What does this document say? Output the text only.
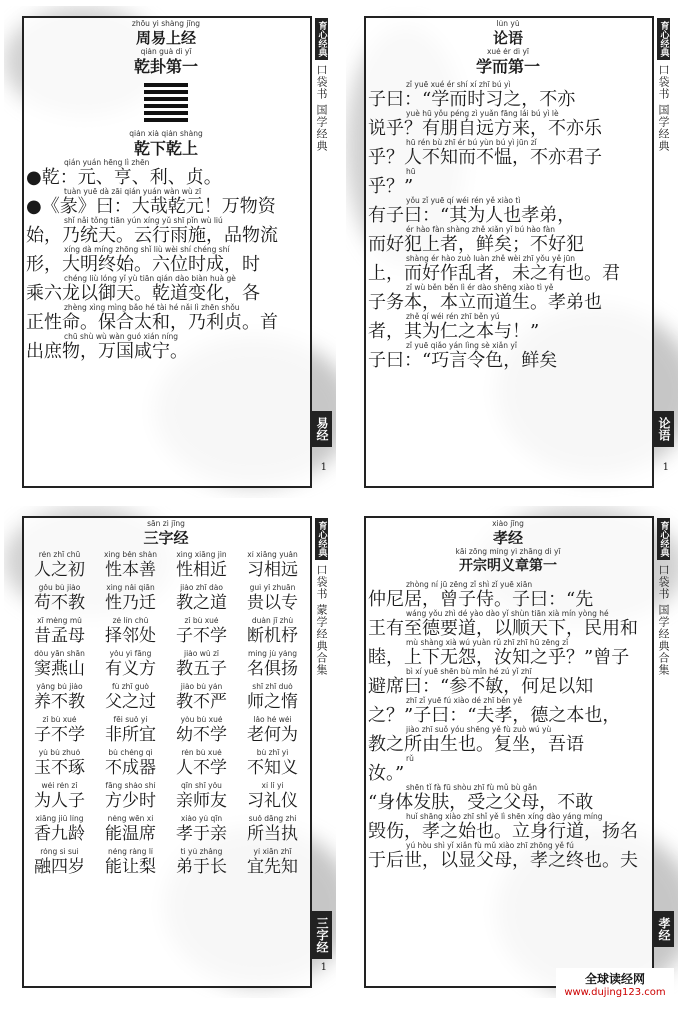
育心经典
口袋书
国学经典
易经
1
zhōu yì shàng jīng
周易上经
qián guà dì yī
乾卦第一
qián xià qián shàng
乾下乾上
qián yuán hēng lì zhēn
●乾：元、亨、利、贞。
tuàn yuē dà zāi qián yuán wàn wù zī
●《彖》曰：大哉乾元！万物资
shǐ nǎi tǒng tiān yún xíng yǔ shī pǐn wù liú
始，乃统天。云行雨施，品物流
xíng dà míng zhōng shǐ liù wèi shí chéng shí
形，大明终始。六位时成，时
chéng liù lóng yǐ yù tiān qián dào biàn huà gè
乘六龙以御天。乾道变化，各
zhèng xìng mìng bǎo hé tài hé nǎi lì zhēn shǒu
正性命。保合太和，乃利贞。首
chū shù wù wàn guó xián níng
出庶物，万国咸宁。
育心经典
口袋书
国学经典
论语
1
lún yǔ
论语
xué ér dì yī
学而第一
zǐ yuē xué ér shí xí zhī bú yì
子曰：“学而时习之，不亦
yuè hū yǒu péng zì yuǎn fāng lái bú yì lè
说乎？有朋自远方来，不亦乐
hū rén bù zhī ér bú yùn bú yì jūn zǐ
乎？人不知而不愠，不亦君子
hū
乎？”
yǒu zǐ yuē qí wéi rén yě xiào tì
有子曰：“其为人也孝弟，
ér hào fàn shàng zhě xiǎn yǐ bú hào fàn
而好犯上者，鲜矣；不好犯
shàng ér hào zuò luàn zhě wèi zhī yǒu yě jūn
上，而好作乱者，未之有也。君
zǐ wù běn běn lì ér dào shēng xiào tì yě
子务本，本立而道生。孝弟也
zhě qí wéi rén zhī běn yú
者，其为仁之本与！”
zǐ yuē qiǎo yán lìng sè xiǎn yǐ
子曰：“巧言令色，鲜矣
育心经典
口袋书
蒙学经典合集
三字经
1
sān zì jīng
三字经
rén zhī chū
人之初
xìng běn shàn
性本善
xìng xiāng jìn
性相近
xí xiāng yuǎn
习相远
gǒu bù jiào
苟不教
xìng nǎi qiān
性乃迁
jiào zhī dào
教之道
guì yǐ zhuān
贵以专
xī mèng mǔ
昔孟母
zé lín chǔ
择邻处
zǐ bù xué
子不学
duàn jī zhù
断机杼
dòu yān shān
窦燕山
yǒu yì fāng
有义方
jiào wǔ zǐ
教五子
míng jù yáng
名俱扬
yǎng bú jiào
养不教
fù zhī guò
父之过
jiào bù yán
教不严
shī zhī duò
师之惰
zǐ bù xué
子不学
fēi suǒ yí
非所宜
yòu bù xué
幼不学
lǎo hé wéi
老何为
yù bù zhuó
玉不琢
bù chéng qì
不成器
rén bù xué
人不学
bù zhī yì
不知义
wéi rén zǐ
为人子
fāng shào shí
方少时
qīn shī yǒu
亲师友
xí lǐ yí
习礼仪
xiāng jiǔ líng
香九龄
néng wēn xí
能温席
xiào yú qīn
孝于亲
suǒ dāng zhí
所当执
róng sì suì
融四岁
néng ràng lí
能让梨
tì yú zhǎng
弟于长
yí xiān zhī
宜先知
育心经典
口袋书
国学经典合集
孝经
xiào jīng
孝经
kāi zōng míng yì zhāng dì yī
开宗明义章第一
zhòng ní jū zēng zǐ shì zǐ yuē xiān
仲尼居，曾子侍。子曰：“先
wáng yǒu zhì dé yào dào yǐ shùn tiān xià mín yòng hé
王有至德要道，以顺天下，民用和
mù shàng xià wú yuàn rǔ zhī zhī hū zēng zǐ
睦，上下无怨，汝知之乎？”曾子
bì xí yuē shēn bù mǐn hé zú yǐ zhī
避席曰：“参不敏，何足以知
zhī zǐ yuē fú xiào dé zhī běn yě
之？”子曰：“夫孝，德之本也，
jiào zhī suǒ yóu shēng yě fù zuò wú yù
教之所由生也。复坐，吾语
rǔ
汝。”
shēn tǐ fà fū shòu zhī fù mǔ bù gǎn
“身体发肤，受之父母，不敢
huǐ shāng xiào zhī shǐ yě lì shēn xíng dào yáng míng
毁伤，孝之始也。立身行道，扬名
yú hòu shì yǐ xiǎn fù mǔ xiào zhī zhōng yě fú
于后世，以显父母，孝之终也。夫
全球读经网
www.dujing123.com
